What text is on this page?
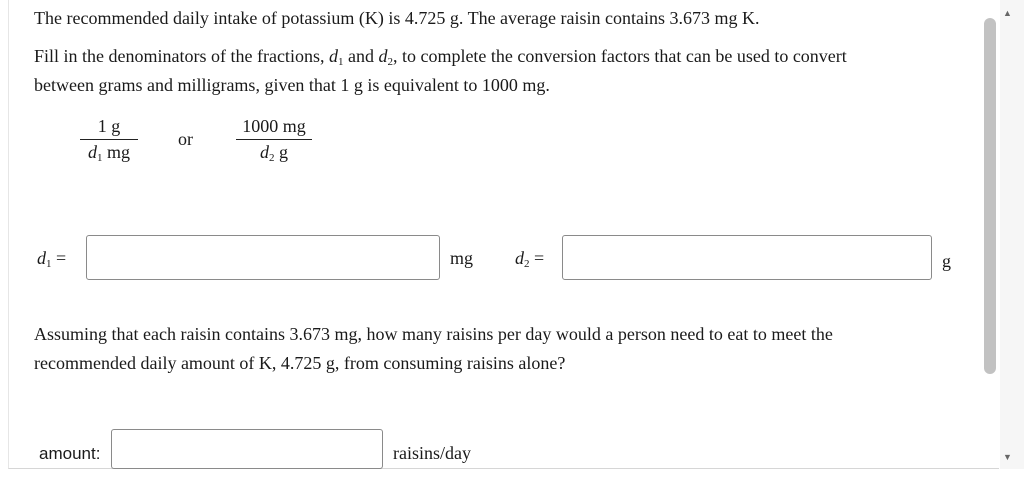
The recommended daily intake of potassium (K) is 4.725 g. The average raisin contains 3.673 mg K.
Fill in the denominators of the fractions, $d_1$ and $d_2$, to complete the conversion factors that can be used to convert
between grams and milligrams, given that 1 g is equivalent to 1000 mg.
$\frac{1 g}{d_1 mg}$ or $\frac{1000 mg}{d_2 g}$
$d_1$ =	mg $d_2$ =	g
Assuming that each raisin contains 3.673 mg, how many raisins per day would a person need to eat to meet the
recommended daily amount of K, 4.725 g, from consuming raisins alone?
amount:	raisins/day
▲
▼
